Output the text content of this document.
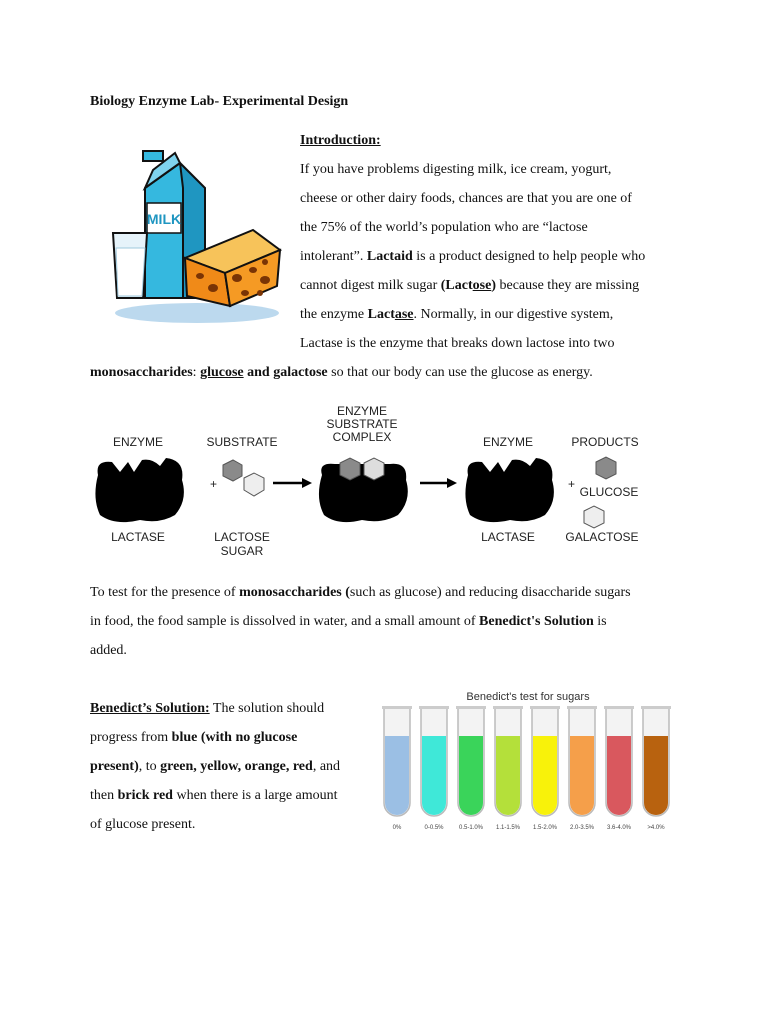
Biology Enzyme Lab- Experimental Design
MILK
Introduction:
If you have problems digesting milk, ice cream, yogurt,
cheese or other dairy foods, chances are that you are one of
the 75% of the world’s population who are “lactose
intolerant”. Lactaid is a product designed to help people who
cannot digest milk sugar (Lactose) because they are missing
the enzyme Lactase. Normally, in our digestive system,
Lactase is the enzyme that breaks down lactose into two
monosaccharides: glucose and galactose so that our body can use the glucose as energy.
ENZYME	SUBSTRATE
ENZYME
SUBSTRATE
COMPLEX	ENZYME	PRODUCTS
+	+
GLUCOSE
LACTASE	LACTOSE
SUGAR
LACTASE	GALACTOSE
To test for the presence of monosaccharides (such as glucose) and reducing disaccharide sugars
in food, the food sample is dissolved in water, and a small amount of Benedict's Solution is
added.
Benedict’s Solution: The solution should
progress from blue (with no glucose
present), to green, yellow, orange, red, and
then brick red when there is a large amount
of glucose present.
Benedict's test for sugars
0%	0-0.5%	0.5-1.0% 1.1-1.5% 1.5-2.0% 2.0-3.5% 3.6-4.0%	>4.0%
